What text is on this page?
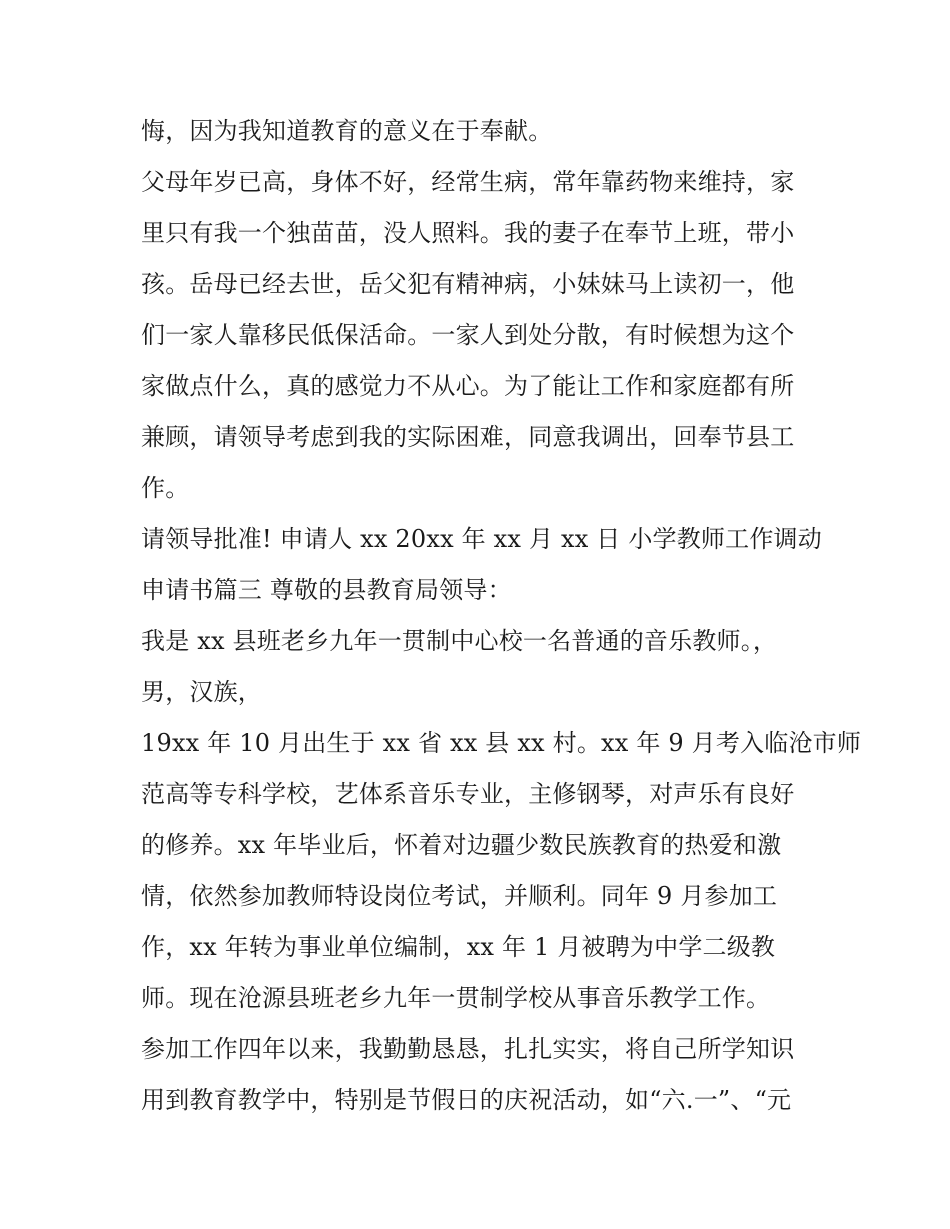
悔，因为我知道教育的意义在于奉献。
父母年岁已高，身体不好，经常生病，常年靠药物来维持，家
里只有我一个独苗苗，没人照料。我的妻子在奉节上班，带小
孩。岳母已经去世，岳父犯有精神病，小妹妹马上读初一，他
们一家人靠移民低保活命。一家人到处分散，有时候想为这个
家做点什么，真的感觉力不从心。为了能让工作和家庭都有所
兼顾，请领导考虑到我的实际困难，同意我调出，回奉节县工
作。
请领导批准! 申请人 xx 20xx 年 xx 月 xx 日 小学教师工作调动
申请书篇三 尊敬的县教育局领导：
我是 xx 县班老乡九年一贯制中心校一名普通的音乐教师。，
男，汉族，
19xx 年 10 月出生于 xx 省 xx 县 xx 村。xx 年 9 月考入临沧市师
范高等专科学校，艺体系音乐专业，主修钢琴，对声乐有良好
的修养。xx 年毕业后，怀着对边疆少数民族教育的热爱和激
情，依然参加教师特设岗位考试，并顺利。同年 9 月参加工
作，xx 年转为事业单位编制，xx 年 1 月被聘为中学二级教
师。现在沧源县班老乡九年一贯制学校从事音乐教学工作。
参加工作四年以来，我勤勤恳恳，扎扎实实，将自己所学知识
用到教育教学中，特别是节假日的庆祝活动，如“六.一”、“元
